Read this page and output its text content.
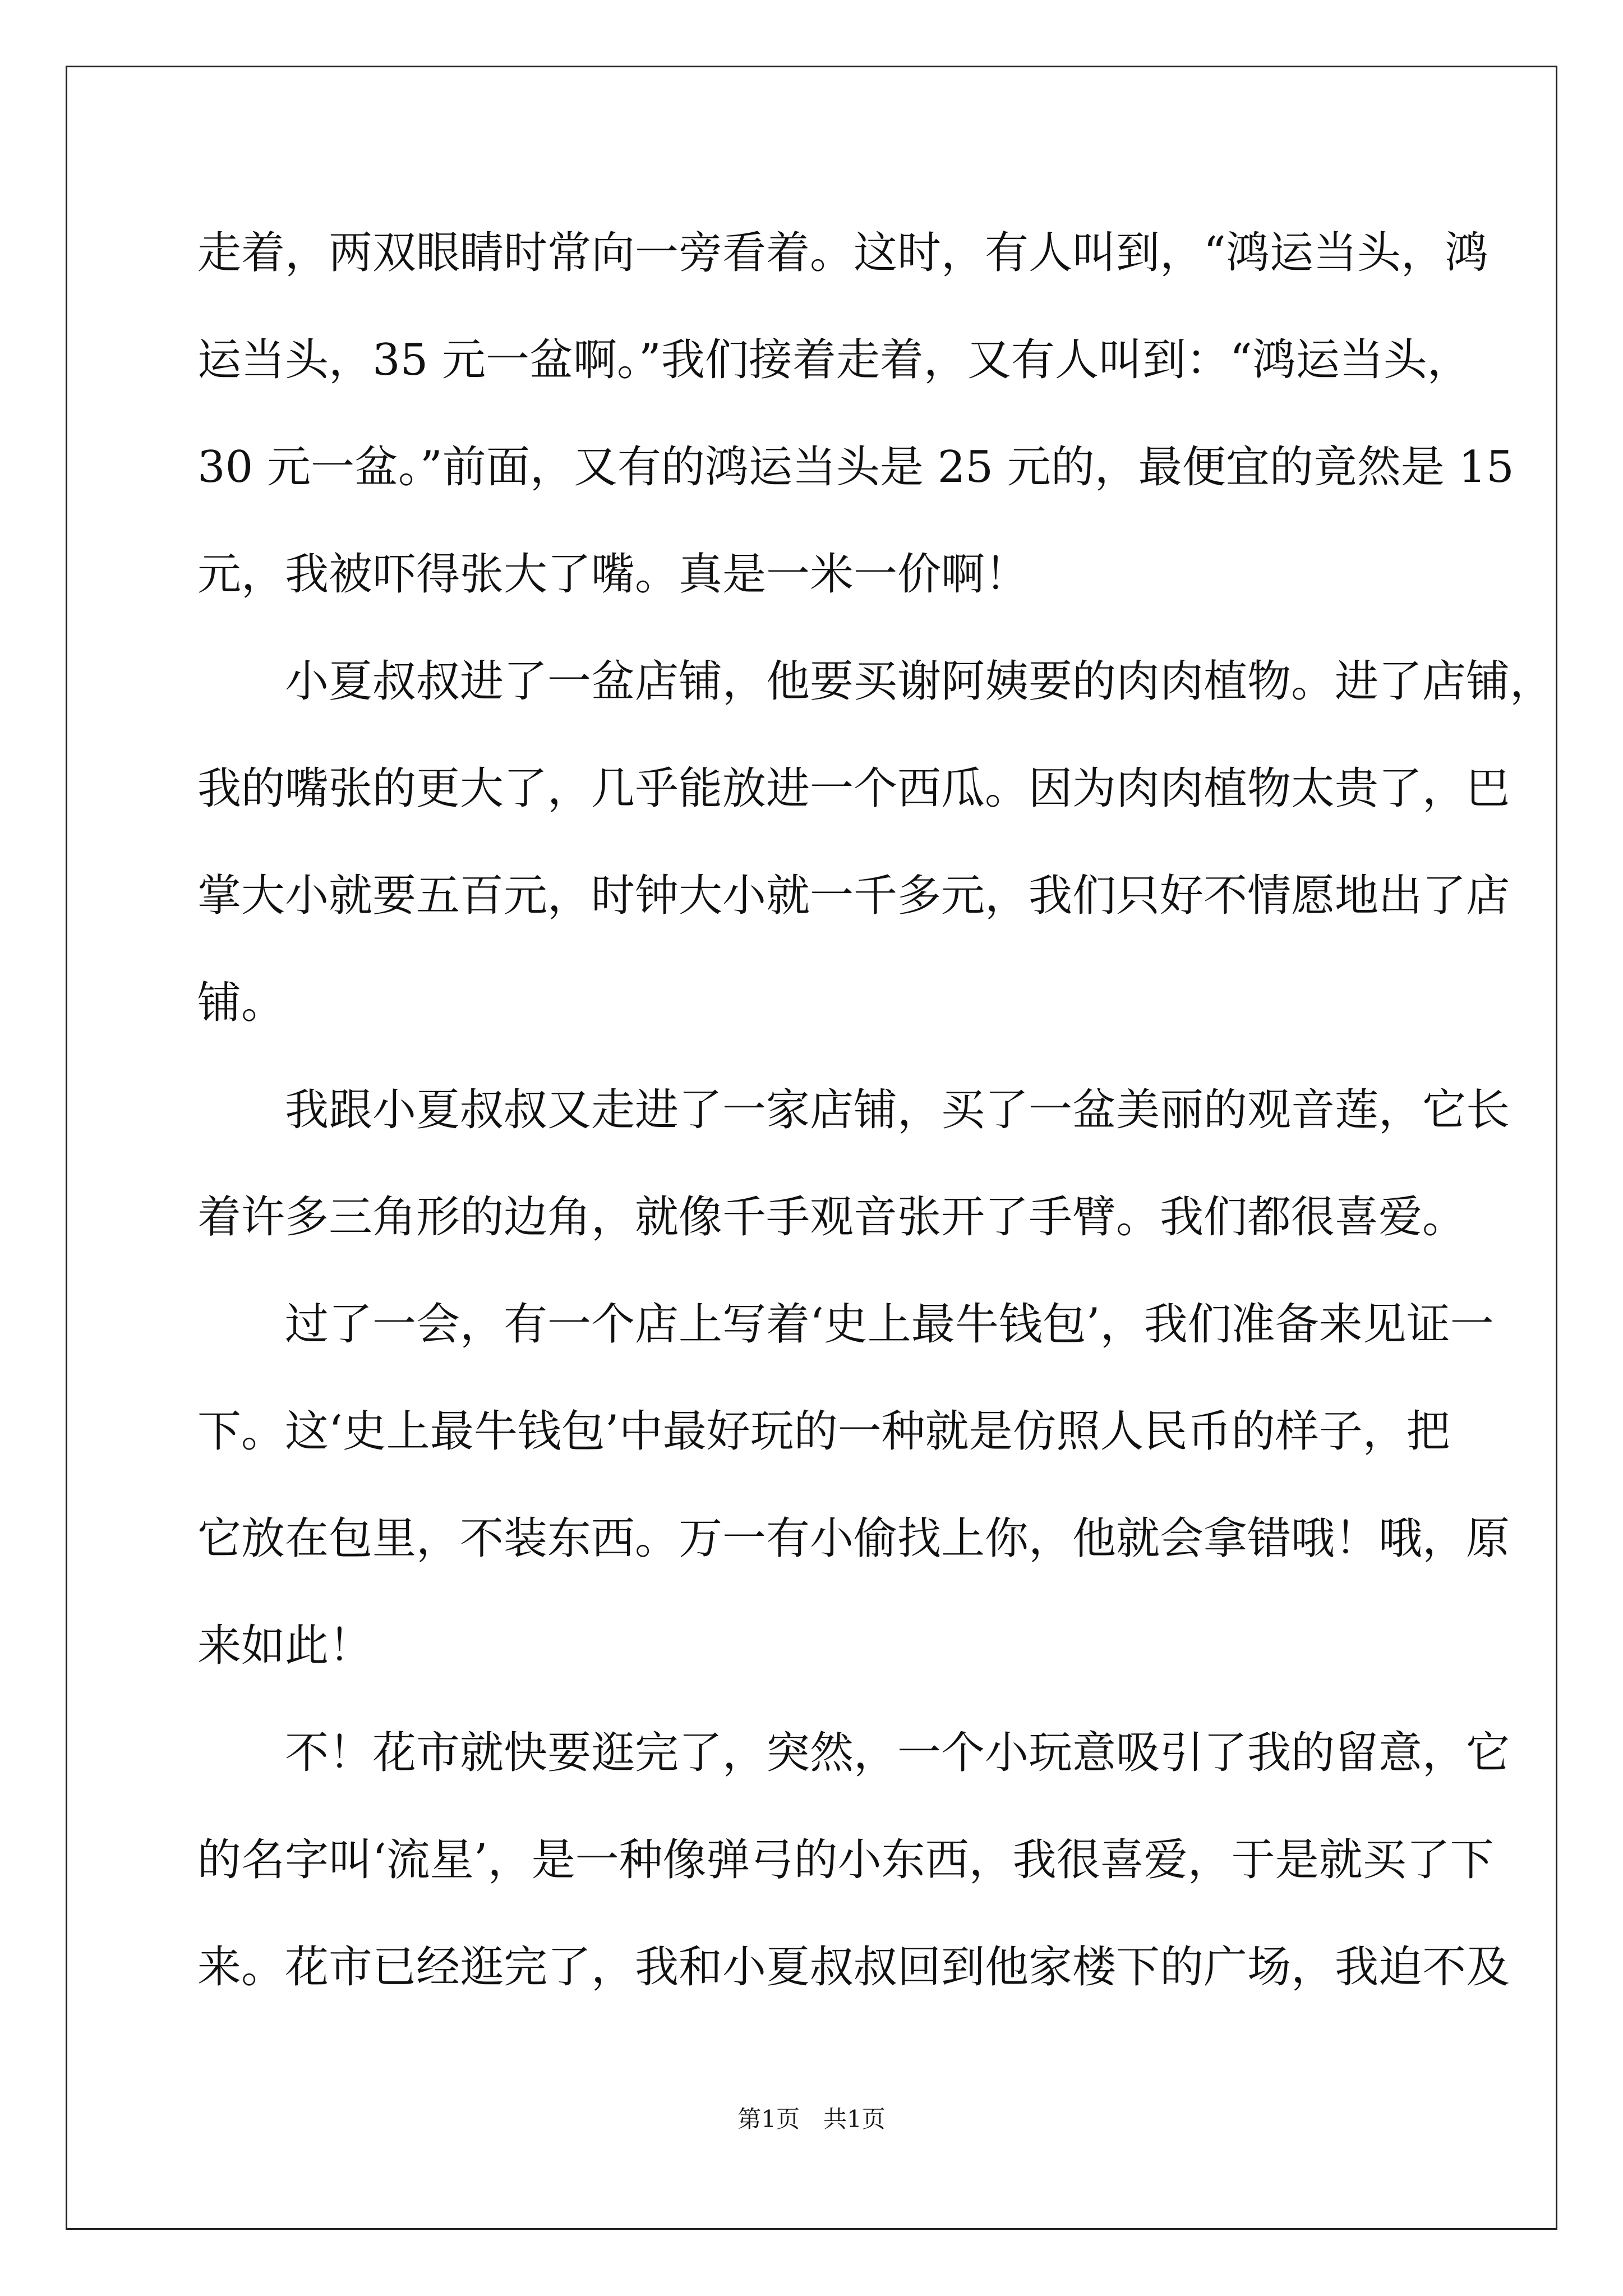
走着，两双眼睛时常向一旁看着。这时，有人叫到，“鸿运当头，鸿
运当头，35 元一盆啊。”我们接着走着，又有人叫到：“鸿运当头，
30 元一盆。”前面，又有的鸿运当头是 25 元的，最便宜的竟然是 15
元，我被吓得张大了嘴。真是一米一价啊！
　　小夏叔叔进了一盆店铺，他要买谢阿姨要的肉肉植物。进了店铺，
我的嘴张的更大了，几乎能放进一个西瓜。因为肉肉植物太贵了，巴
掌大小就要五百元，时钟大小就一千多元，我们只好不情愿地出了店
铺。
　　我跟小夏叔叔又走进了一家店铺，买了一盆美丽的观音莲，它长
着许多三角形的边角，就像千手观音张开了手臂。我们都很喜爱。
　　过了一会，有一个店上写着‘史上最牛钱包’，我们准备来见证一
下。这‘史上最牛钱包’中最好玩的一种就是仿照人民币的样子，把
它放在包里，不装东西。万一有小偷找上你，他就会拿错哦！哦，原
来如此！
　　不！花市就快要逛完了，突然，一个小玩意吸引了我的留意，它
的名字叫‘流星’，是一种像弹弓的小东西，我很喜爱，于是就买了下
来。花市已经逛完了，我和小夏叔叔回到他家楼下的广场，我迫不及
第1页　共1页
